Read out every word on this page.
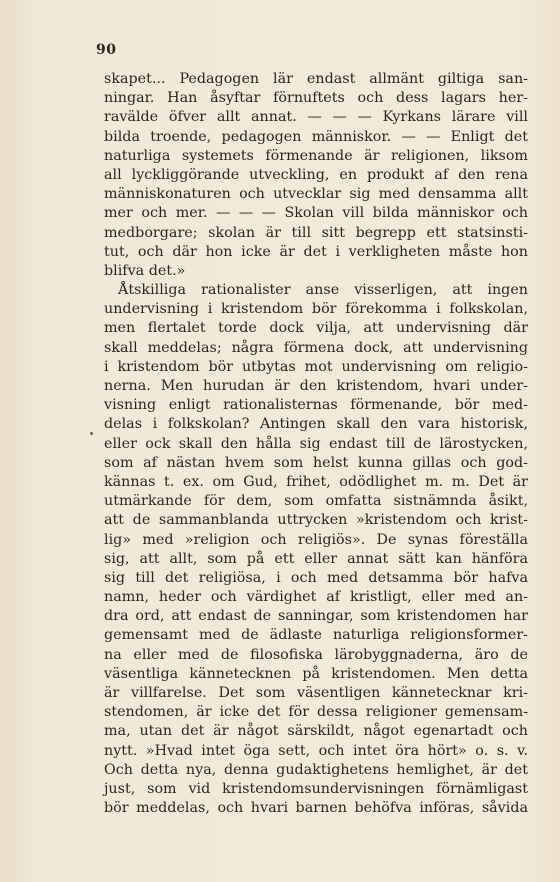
90
skapet... Pedagogen lär endast allmänt giltiga san-
ningar. Han åsyftar förnuftets och dess lagars her-
ravälde öfver allt annat. — — — Kyrkans lärare vill
bilda troende, pedagogen människor. — — Enligt det
naturliga systemets förmenande är religionen, liksom
all lyckliggörande utveckling, en produkt af den rena
människonaturen och utvecklar sig med densamma allt
mer och mer. — — — Skolan vill bilda människor och
medborgare; skolan är till sitt begrepp ett statsinsti-
tut, och där hon icke är det i verkligheten måste hon
blifva det.»
Åtskilliga rationalister anse visserligen, att ingen
undervisning i kristendom bör förekomma i folkskolan,
men flertalet torde dock vilja, att undervisning där
skall meddelas; några förmena dock, att undervisning
i kristendom bör utbytas mot undervisning om religio-
nerna. Men hurudan är den kristendom, hvari under-
visning enligt rationalisternas förmenande, bör med-
delas i folkskolan? Antingen skall den vara historisk,
eller ock skall den hålla sig endast till de lärostycken,
som af nästan hvem som helst kunna gillas och god-
kännas t. ex. om Gud, frihet, odödlighet m. m. Det är
utmärkande för dem, som omfatta sistnämnda åsikt,
att de sammanblanda uttrycken »kristendom och krist-
lig» med »religion och religiös». De synas föreställa
sig, att allt, som på ett eller annat sätt kan hänföra
sig till det religiösa, i och med detsamma bör hafva
namn, heder och värdighet af kristligt, eller med an-
dra ord, att endast de sanningar, som kristendomen har
gemensamt med de ädlaste naturliga religionsformer-
na eller med de filosofiska lärobyggnaderna, äro de
väsentliga kännetecknen på kristendomen. Men detta
är villfarelse. Det som väsentligen kännetecknar kri-
stendomen, är icke det för dessa religioner gemensam-
ma, utan det är något särskildt, något egenartadt och
nytt. »Hvad intet öga sett, och intet öra hört» o. s. v.
Och detta nya, denna gudaktighetens hemlighet, är det
just, som vid kristendomsundervisningen förnämligast
bör meddelas, och hvari barnen behöfva införas, såvida
